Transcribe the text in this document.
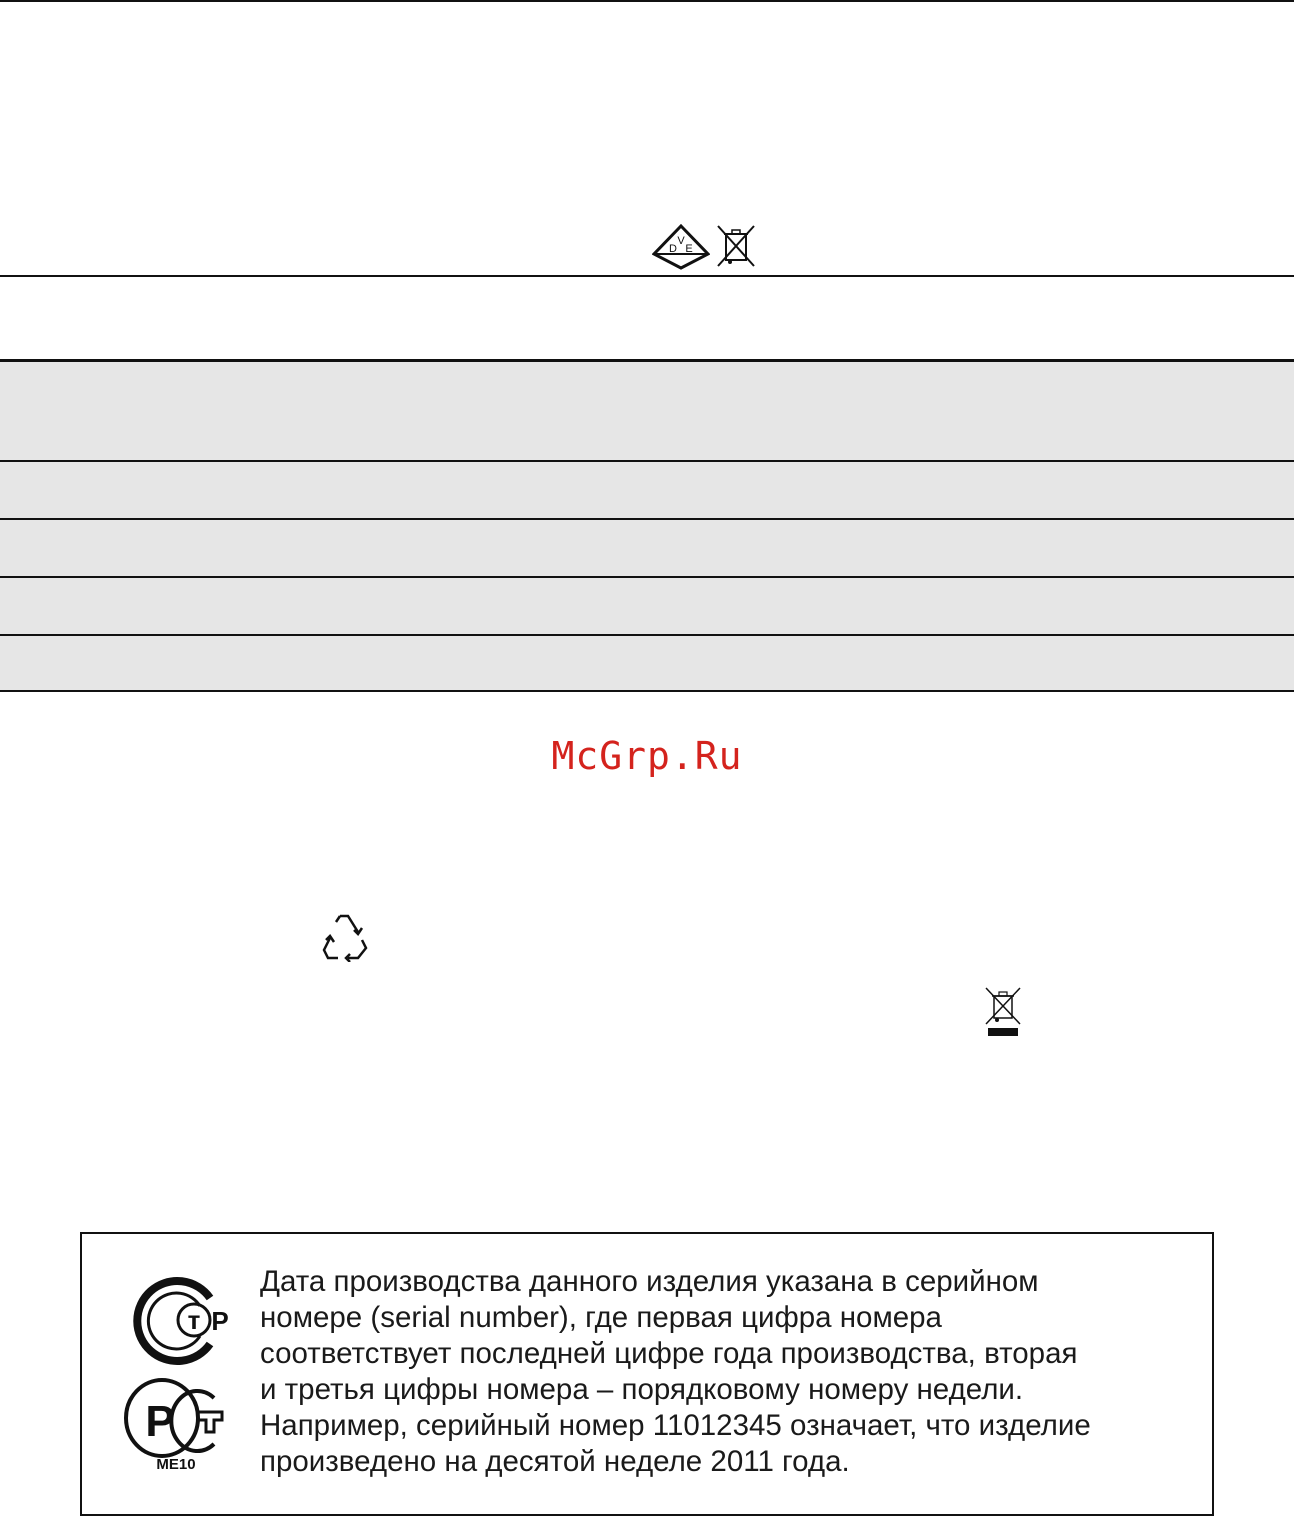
V
D E
McGrp.Ru
т Р
P
ME10
Дата производства данного изделия указана в серийном
номере (serial number), где первая цифра номера
соответствует последней цифре года производства, вторая
и третья цифры номера – порядковому номеру недели.
Например, серийный номер 11012345 означает, что изделие
произведено на десятой неделе 2011 года.
